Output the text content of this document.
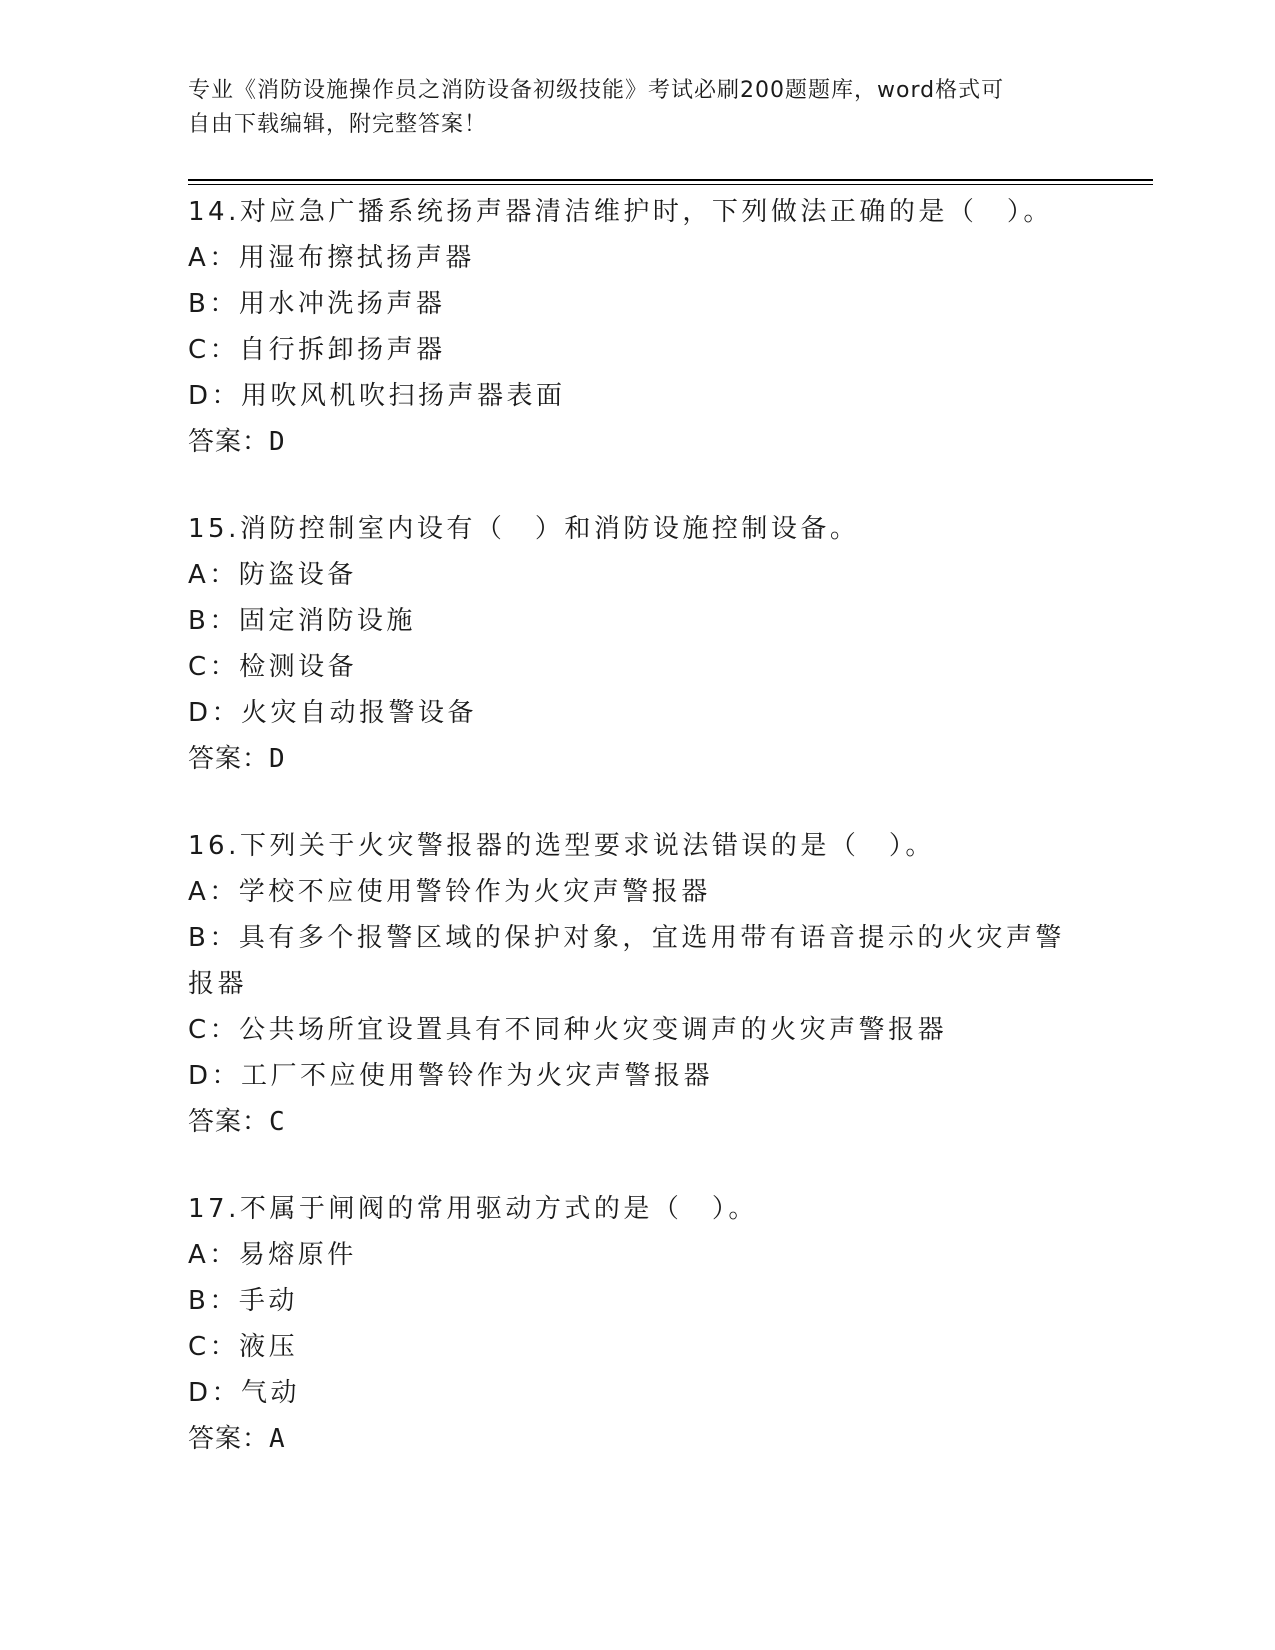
专业《消防设施操作员之消防设备初级技能》考试必刷200题题库，word格式可
自由下载编辑，附完整答案！
14.对应急广播系统扬声器清洁维护时，下列做法正确的是（　）。
A：用湿布擦拭扬声器
B：用水冲洗扬声器
C：自行拆卸扬声器
D：用吹风机吹扫扬声器表面
答案：D
15.消防控制室内设有（　）和消防设施控制设备。
A：防盗设备
B：固定消防设施
C：检测设备
D：火灾自动报警设备
答案：D
16.下列关于火灾警报器的选型要求说法错误的是（　）。
A：学校不应使用警铃作为火灾声警报器
B：具有多个报警区域的保护对象，宜选用带有语音提示的火灾声警报器
C：公共场所宜设置具有不同种火灾变调声的火灾声警报器
D：工厂不应使用警铃作为火灾声警报器
答案：C
17.不属于闸阀的常用驱动方式的是（　）。
A：易熔原件
B：手动
C：液压
D：气动
答案：A
